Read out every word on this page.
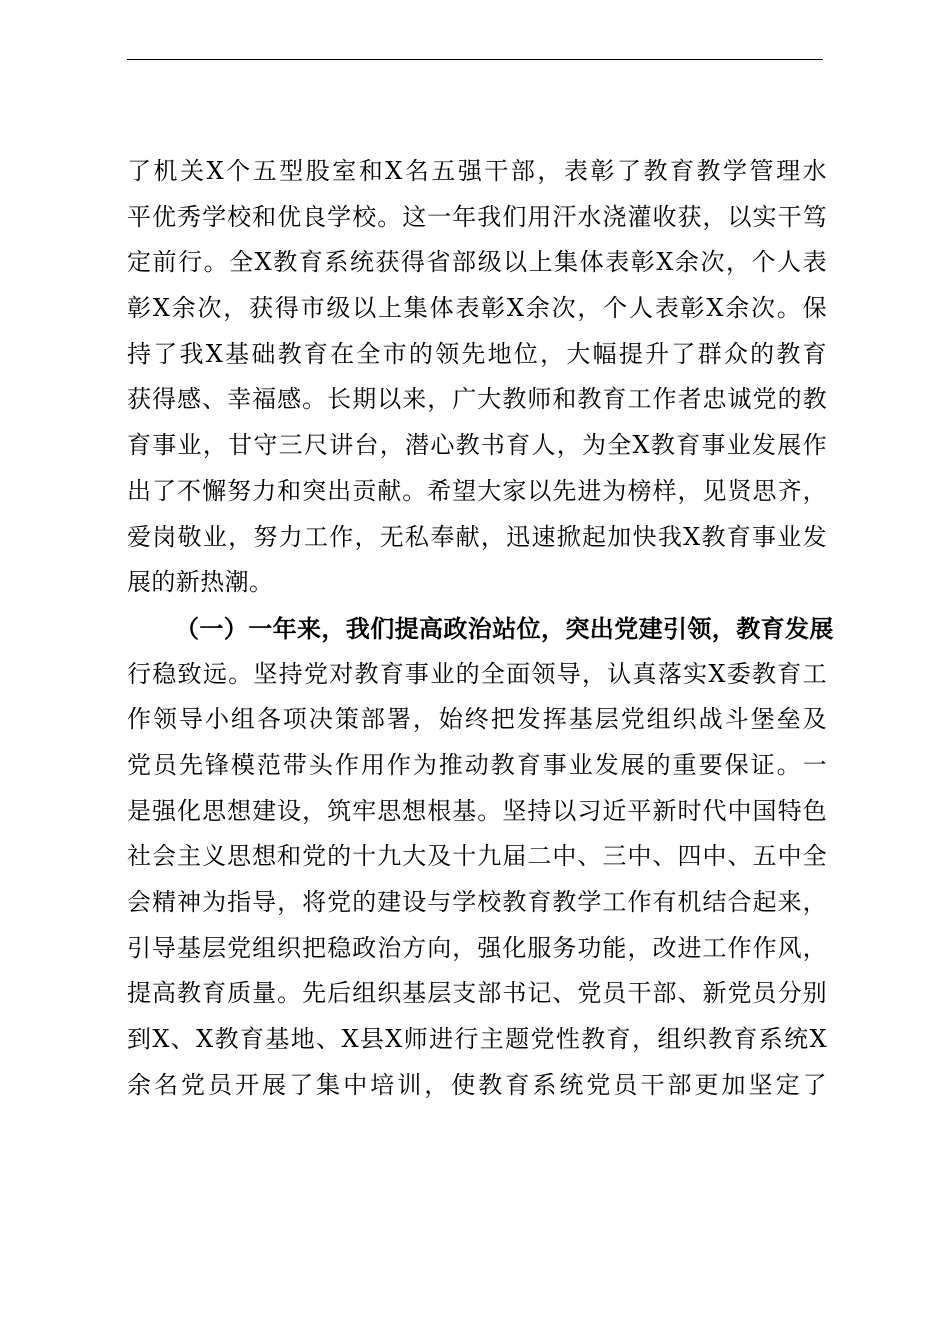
了机关X个五型股室和X名五强干部，表彰了教育教学管理水
平优秀学校和优良学校。这一年我们用汗水浇灌收获，以实干笃
定前行。全X教育系统获得省部级以上集体表彰X余次，个人表
彰X余次，获得市级以上集体表彰X余次，个人表彰X余次。保
持了我X基础教育在全市的领先地位，大幅提升了群众的教育
获得感、幸福感。长期以来，广大教师和教育工作者忠诚党的教
育事业，甘守三尺讲台，潜心教书育人，为全X教育事业发展作
出了不懈努力和突出贡献。希望大家以先进为榜样，见贤思齐，
爱岗敬业，努力工作，无私奉献，迅速掀起加快我X教育事业发
展的新热潮。
（一）一年来，我们提高政治站位，突出党建引领，教育发展
行稳致远。坚持党对教育事业的全面领导，认真落实X委教育工
作领导小组各项决策部署，始终把发挥基层党组织战斗堡垒及
党员先锋模范带头作用作为推动教育事业发展的重要保证。一
是强化思想建设，筑牢思想根基。坚持以习近平新时代中国特色
社会主义思想和党的十九大及十九届二中、三中、四中、五中全
会精神为指导，将党的建设与学校教育教学工作有机结合起来，
引导基层党组织把稳政治方向，强化服务功能，改进工作作风，
提高教育质量。先后组织基层支部书记、党员干部、新党员分别
到X、X教育基地、X县X师进行主题党性教育，组织教育系统X
余名党员开展了集中培训，使教育系统党员干部更加坚定了
